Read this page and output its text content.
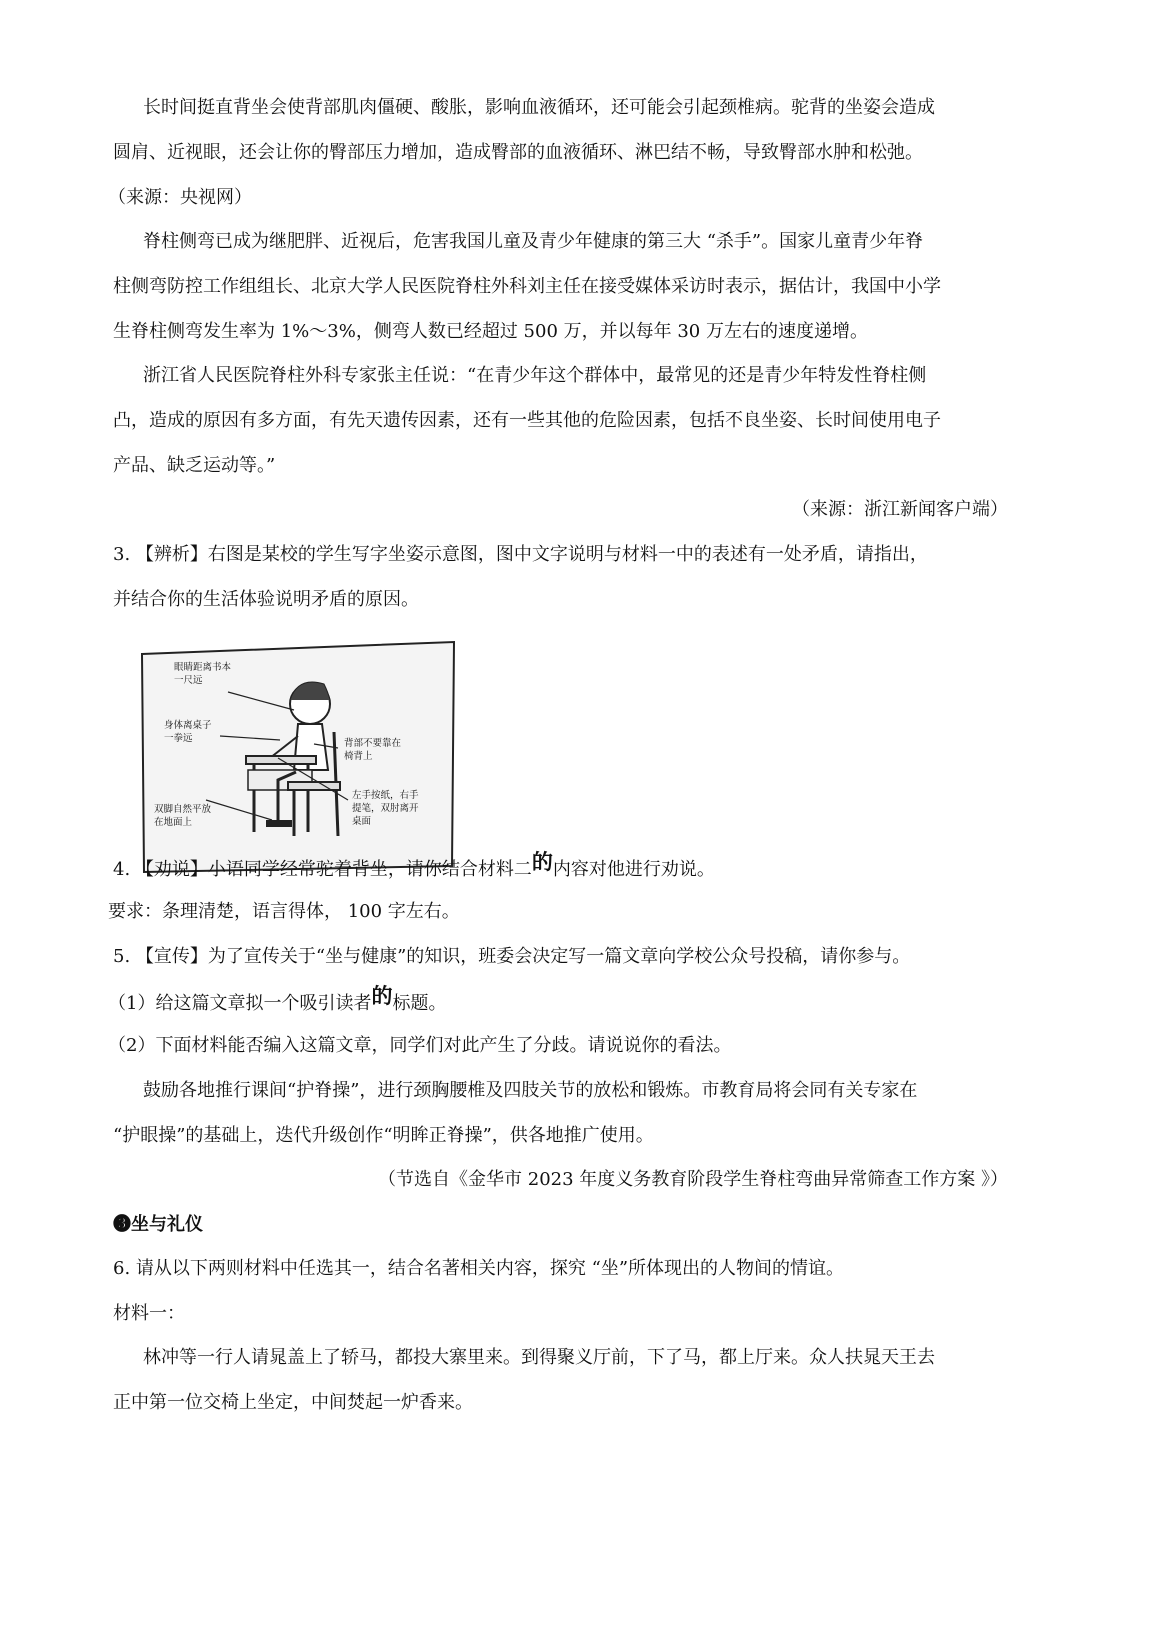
长时间挺直背坐会使背部肌肉僵硬、酸胀，影响血液循环，还可能会引起颈椎病。驼背的坐姿会造成
圆肩、近视眼，还会让你的臀部压力增加，造成臀部的血液循环、淋巴结不畅，导致臀部水肿和松弛。
（来源：央视网）
脊柱侧弯已成为继肥胖、近视后，危害我国儿童及青少年健康的第三大 “杀手”。国家儿童青少年脊
柱侧弯防控工作组组长、北京大学人民医院脊柱外科刘主任在接受媒体采访时表示，据估计，我国中小学
生脊柱侧弯发生率为 1%～3%，侧弯人数已经超过 500 万，并以每年 30 万左右的速度递增。
浙江省人民医院脊柱外科专家张主任说：“在青少年这个群体中，最常见的还是青少年特发性脊柱侧
凸，造成的原因有多方面，有先天遗传因素，还有一些其他的危险因素，包括不良坐姿、长时间使用电子
产品、缺乏运动等。”
（来源：浙江新闻客户端）
3. 【辨析】右图是某校的学生写字坐姿示意图，图中文字说明与材料一中的表述有一处矛盾，请指出，
并结合你的生活体验说明矛盾的原因。
眼睛距离书本
一尺远
身体离桌子
一拳远	背部不要靠在
椅背上
双脚自然平放
在地面上
左手按纸，右手
提笔，双肘离开
桌面
4. 【劝说】小语同学经常驼着背坐，请你结合材料二的内容对他进行劝说。
要求：条理清楚，语言得体， 100 字左右。
5. 【宣传】为了宣传关于“坐与健康”的知识，班委会决定写一篇文章向学校公众号投稿，请你参与。
（1）给这篇文章拟一个吸引读者的标题。
（2）下面材料能否编入这篇文章，同学们对此产生了分歧。请说说你的看法。
鼓励各地推行课间“护脊操”，进行颈胸腰椎及四肢关节的放松和锻炼。市教育局将会同有关专家在
“护眼操”的基础上，迭代升级创作“明眸正脊操”，供各地推广使用。
（节选自《金华市 2023 年度义务教育阶段学生脊柱弯曲异常筛查工作方案 》）
❸坐与礼仪
6. 请从以下两则材料中任选其一，结合名著相关内容，探究 “坐”所体现出的人物间的情谊。
材料一：
林冲等一行人请晁盖上了轿马，都投大寨里来。到得聚义厅前，下了马，都上厅来。众人扶晁天王去
正中第一位交椅上坐定，中间焚起一炉香来。
